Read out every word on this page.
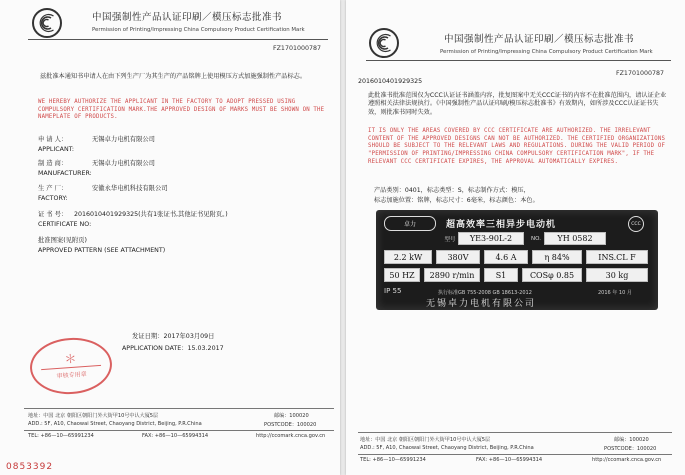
中国强制性产品认证印刷／模压标志批准书
Permission of Printing/Impressing China Compulsory Product Certification Mark
FZ1701000787
兹批准本通知书申请人在由下列生产厂为其生产的产品铭牌上使用模压方式加施强制性产品标志。
WE HEREBY AUTHORIZE THE APPLICANT IN THE FACTORY TO ADOPT PRESSED USING COMPULSORY CERTIFICATION MARK.THE APPROVED DESIGN OF MARKS MUST BE SHOWN ON THE NAMEPLATE OF PRODUCTS.
申 请 人：	无锡卓力电机有限公司
APPLICANT:
制 造 商：	无锡卓力电机有限公司
MANUFACTURER:
生 产 厂：	安徽永华电机科技有限公司
FACTORY:
证 书 号： 2016010401929325(共有1张证书,其他证书见附页。)
CERTIFICATE NO:
批准图案(见附页)
APPROVED PATTERN (SEE ATTACHMENT)
发证日期：2017年03月09日
APPLICATION DATE：15.03.2017
＊
审核专用章
地址：中国 北京 朝阳区朝阳门外大街甲10号中认大厦5层	邮编：100020
ADD.: 5F, A10, Chaowai Street, Chaoyang District, Beijing, P.R.China	POSTCODE：100020
TEL: +86—10—65991234	FAX: +86—10—65994314	http://ccomark.cnca.gov.cn
0853392
中国强制性产品认证印刷／模压标志批准书
Permission of Printing/Impressing China Compulsory Product Certification Mark
FZ1701000787
2016010401929325
此批准书批准范围仅为CCC认证证书涵盖内容，批复图案中无关CCC证书的内容不在批准范围内，请认证企业遵照相关法律法规执行。《中国强制性产品认证印刷/模压标志批准书》有效期内，如所涉及CCC认证证书失效，则批准书同时失效。
IT IS ONLY THE AREAS COVERED BY CCC CERTIFICATE ARE AUTHORIZED. THE IRRELEVANT CONTENT OF THE APPROVED DESIGNS CAN NOT BE AUTHORIZED. THE CERTIFIED ORGANIZATIONS SHOULD BE SUBJECT TO THE RELEVANT LAWS AND REGULATIONS. DURING THE VALID PERIOD OF "PERMISSION OF PRINTING/IMPRESSING CHINA COMPULSORY CERTIFICATION MARK", IF THE RELEVANT CCC CERTIFICATE EXPIRES, THE APPROVAL AUTOMATICALLY EXPIRES.
产品类别：0401，标志类型：S，标志制作方式：模压，
标志加施位置：铭牌，标志尺寸：6毫米，标志颜色：本色。
卓力	超高效率三相异步电动机	CCC
型号	YE3-90L-2	NO.	YH 0582
2.2 kW	380V	4.6 A	η 84%	INS.CL F
50 HZ	2890 r/min	S1	COSφ 0.85	30 kg
IP 55	执行标准GB 755-2008 GB 18613-2012	2016 年 10 月
无锡卓力电机有限公司
地址：中国 北京 朝阳区朝阳门外大街甲10号中认大厦5层	邮编：100020
ADD.: 5F, A10, Chaowai Street, Chaoyang District, Beijing, P.R.China	POSTCODE：100020
TEL: +86—10—65991234	FAX: +86—10—65994314	http://ccomark.cnca.gov.cn
